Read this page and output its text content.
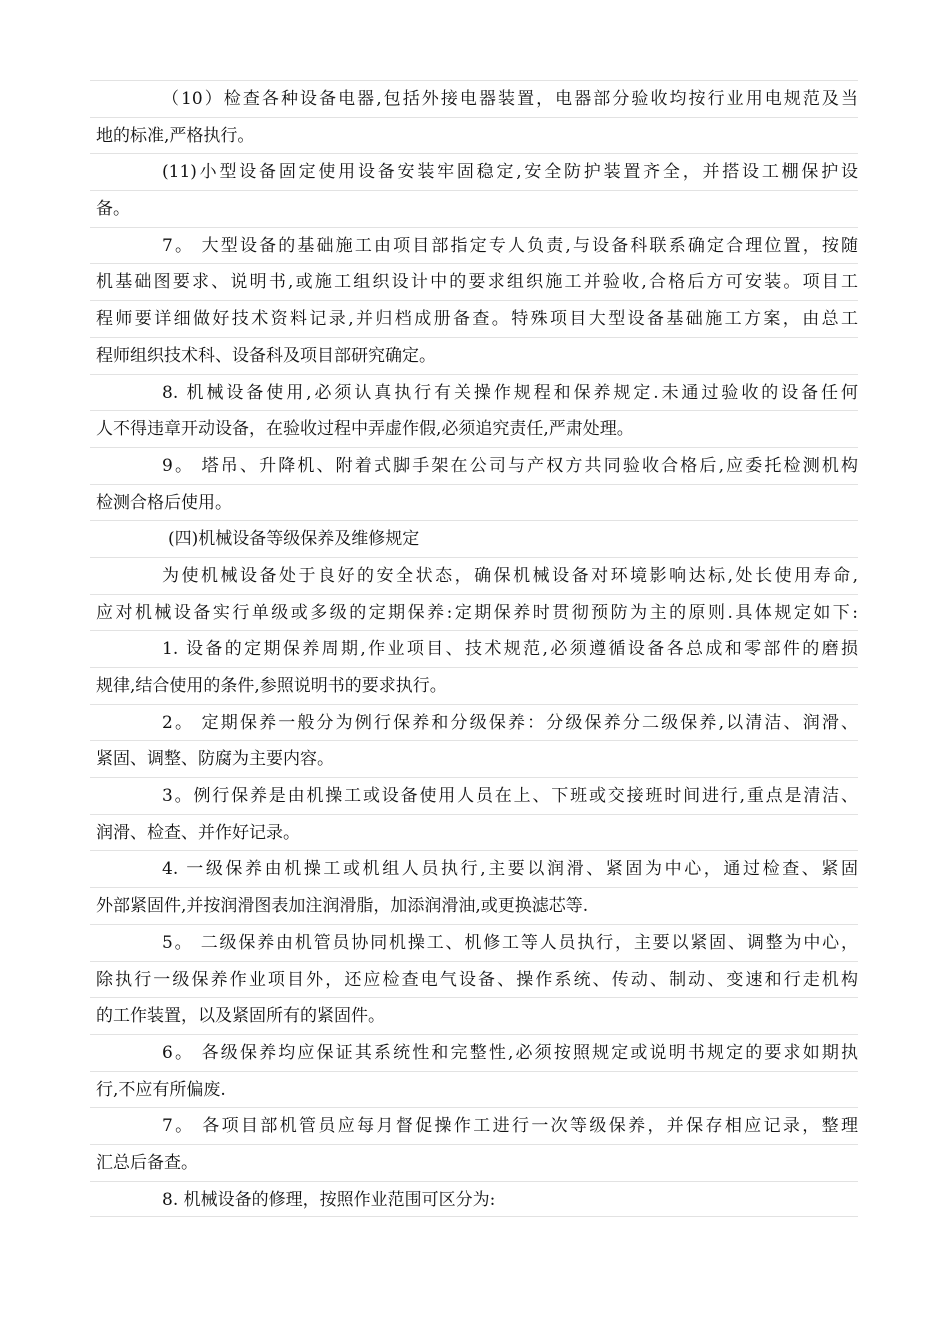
（10）检查各种设备电器,包括外接电器装置，电器部分验收均按行业用电规范及当
地的标准,严格执行。
(11)小型设备固定使用设备安装牢固稳定,安全防护装置齐全，并搭设工棚保护设
备。
7。 大型设备的基础施工由项目部指定专人负责,与设备科联系确定合理位置，按随
机基础图要求、说明书,或施工组织设计中的要求组织施工并验收,合格后方可安装。项目工
程师要详细做好技术资料记录,并归档成册备查。特殊项目大型设备基础施工方案，由总工
程师组织技术科、设备科及项目部研究确定。
8. 机械设备使用,必须认真执行有关操作规程和保养规定.未通过验收的设备任何
人不得违章开动设备，在验收过程中弄虚作假,必须追究责任,严肃处理。
9。 塔吊、升降机、附着式脚手架在公司与产权方共同验收合格后,应委托检测机构
检测合格后使用。
(四)机械设备等级保养及维修规定
为使机械设备处于良好的安全状态，确保机械设备对环境影响达标,处长使用寿命,
应对机械设备实行单级或多级的定期保养:定期保养时贯彻预防为主的原则.具体规定如下:
1. 设备的定期保养周期,作业项目、技术规范,必须遵循设备各总成和零部件的磨损
规律,结合使用的条件,参照说明书的要求执行。
2。 定期保养一般分为例行保养和分级保养：分级保养分二级保养,以清洁、润滑、
紧固、调整、防腐为主要内容。
3。例行保养是由机操工或设备使用人员在上、下班或交接班时间进行,重点是清洁、
润滑、检查、并作好记录。
4. 一级保养由机操工或机组人员执行,主要以润滑、紧固为中心，通过检查、紧固
外部紧固件,并按润滑图表加注润滑脂，加添润滑油,或更换滤芯等.
5。 二级保养由机管员协同机操工、机修工等人员执行，主要以紧固、调整为中心，
除执行一级保养作业项目外，还应检查电气设备、操作系统、传动、制动、变速和行走机构
的工作装置，以及紧固所有的紧固件。
6。 各级保养均应保证其系统性和完整性,必须按照规定或说明书规定的要求如期执
行,不应有所偏废.
7。 各项目部机管员应每月督促操作工进行一次等级保养，并保存相应记录，整理
汇总后备查。
8. 机械设备的修理，按照作业范围可区分为:
